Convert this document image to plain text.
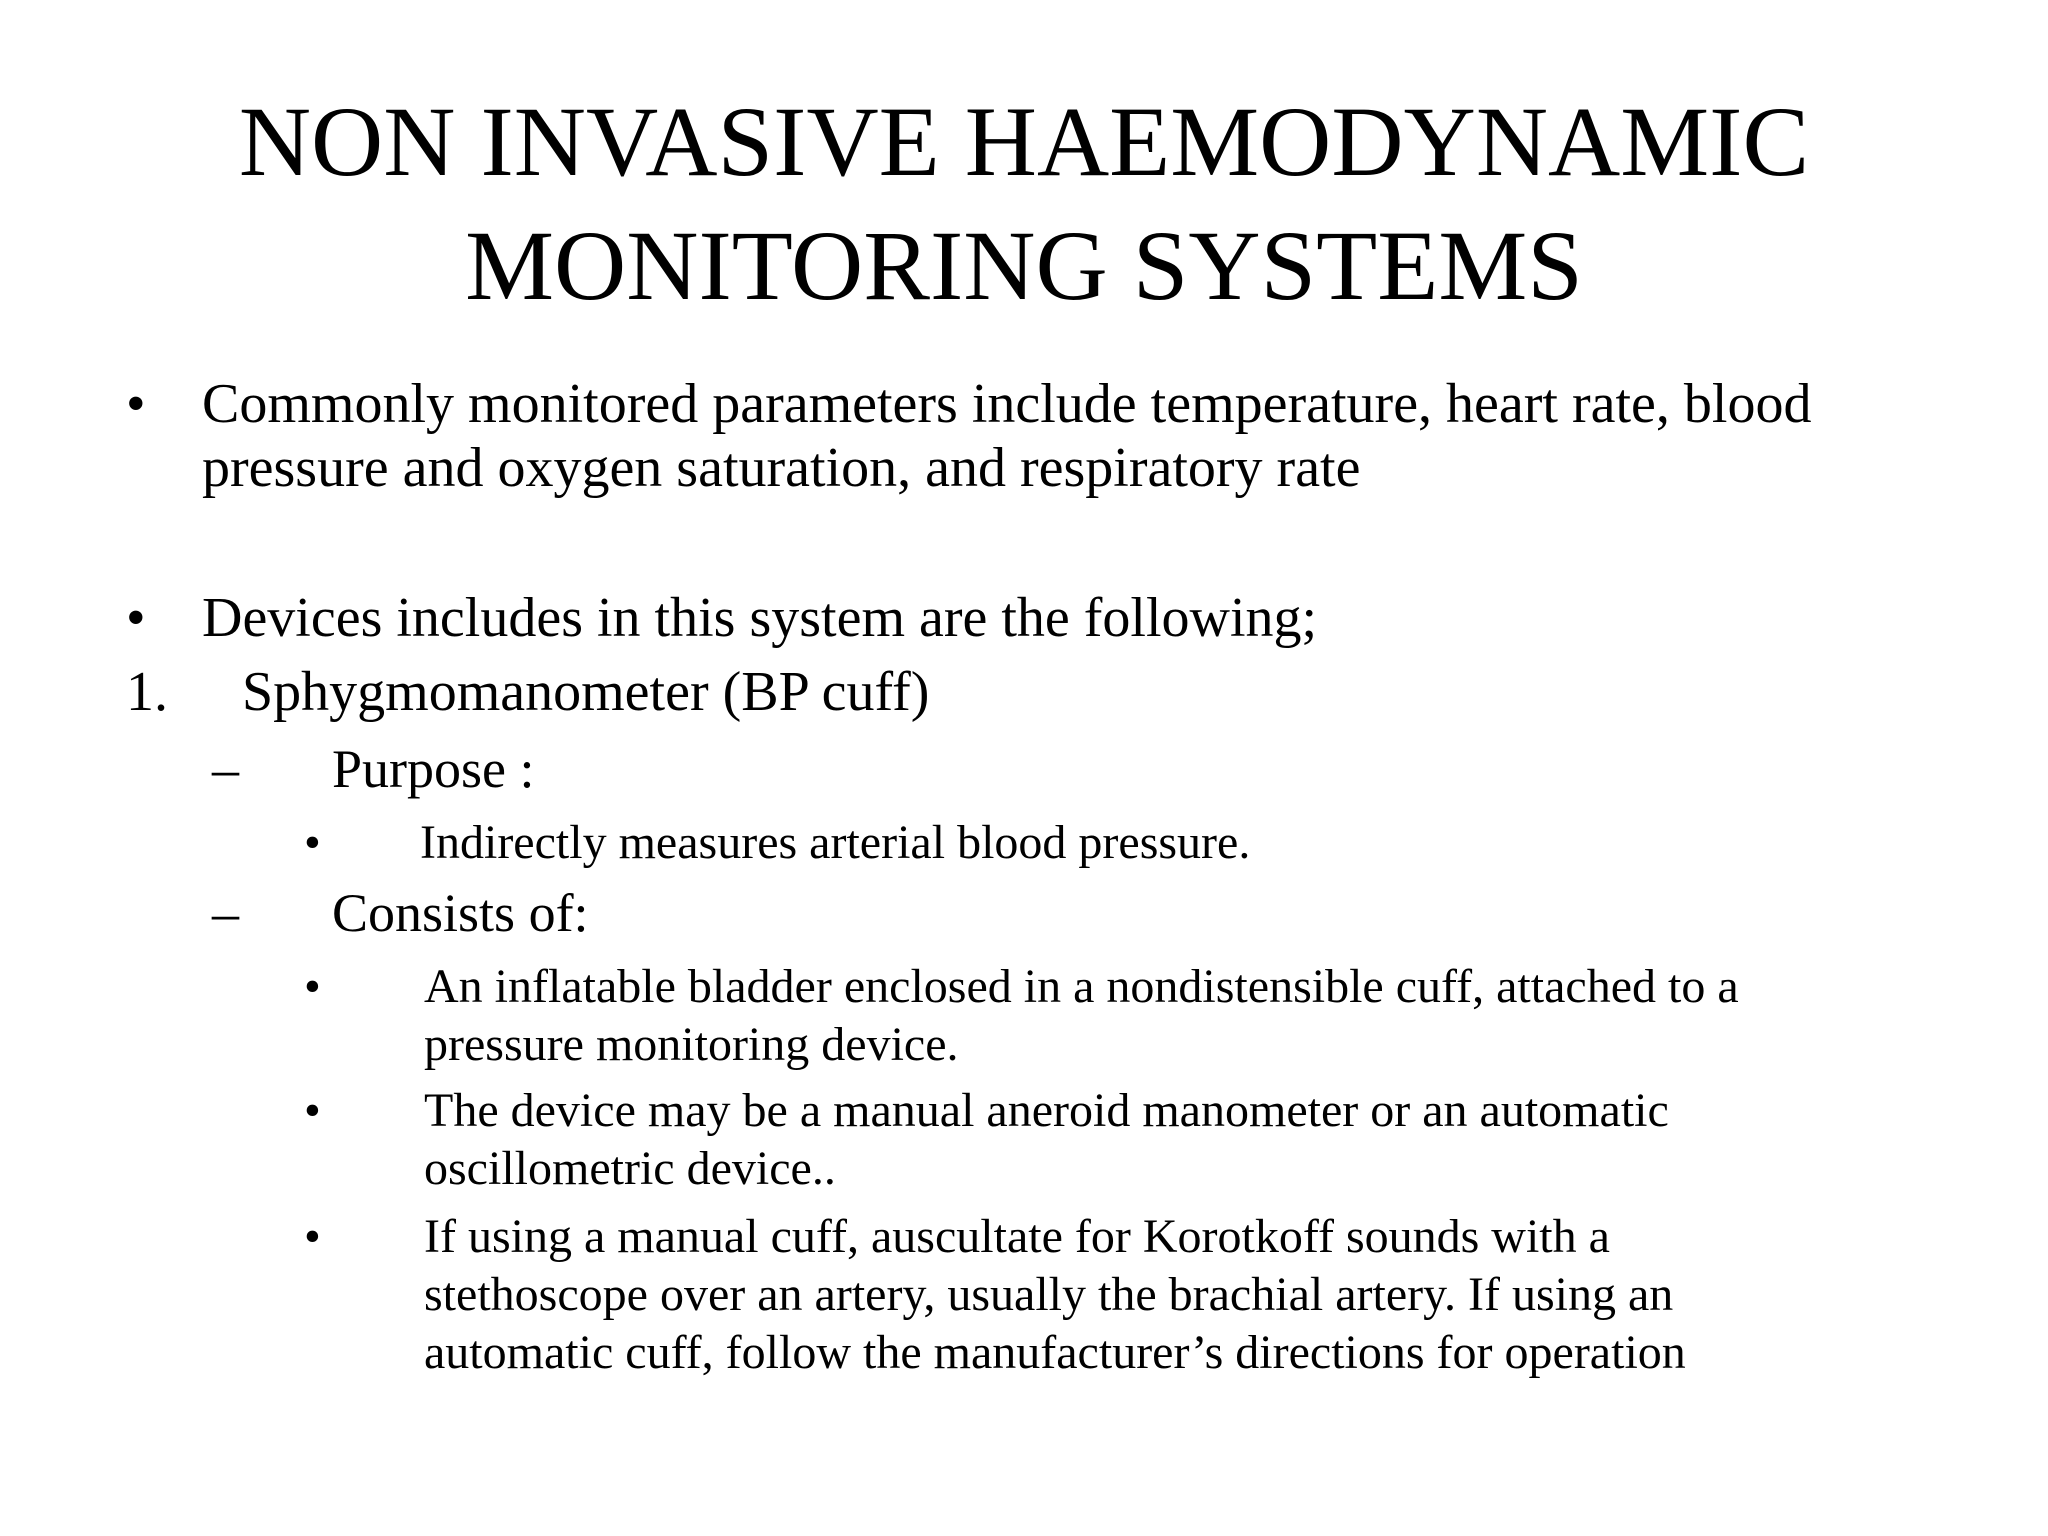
NON INVASIVE HAEMODYNAMIC
MONITORING SYSTEMS
• Commonly monitored parameters include temperature, heart rate, blood
pressure and oxygen saturation, and respiratory rate
• Devices includes in this system are the following;
1. Sphygmomanometer (BP cuff)
– Purpose :
• Indirectly measures arterial blood pressure.
– Consists of:
• An inflatable bladder enclosed in a nondistensible cuff, attached to a
pressure monitoring device.
• The device may be a manual aneroid manometer or an automatic
oscillometric device..
• If using a manual cuff, auscultate for Korotkoff sounds with a
stethoscope over an artery, usually the brachial artery. If using an
automatic cuff, follow the manufacturer’s directions for operation
